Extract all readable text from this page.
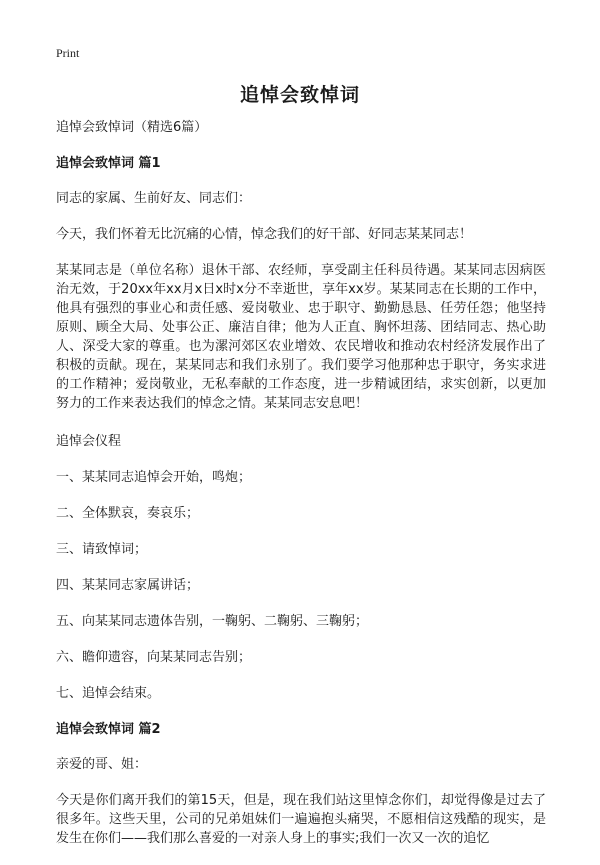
Print
追悼会致悼词

追悼会致悼词（精选6篇）

追悼会致悼词 篇1

同志的家属、生前好友、同志们：

今天，我们怀着无比沉痛的心情，悼念我们的好干部、好同志某某同志！

某某同志是（单位名称）退休干部、农经师，享受副主任科员待遇。某某同志因病医治无效，于20xx年xx月x日x时x分不幸逝世，享年xx岁。某某同志在长期的工作中，他具有强烈的事业心和责任感、爱岗敬业、忠于职守、勤勤恳恳、任劳任怨；他坚持原则、顾全大局、处事公正、廉洁自律；他为人正直、胸怀坦荡、团结同志、热心助人、深受大家的尊重。也为漯河郊区农业增效、农民增收和推动农村经济发展作出了积极的贡献。现在，某某同志和我们永别了。我们要学习他那种忠于职守，务实求进的工作精神；爱岗敬业，无私奉献的工作态度，进一步精诚团结，求实创新，以更加努力的工作来表达我们的悼念之情。某某同志安息吧！

追悼会仪程

一、某某同志追悼会开始，鸣炮；

二、全体默哀，奏哀乐；

三、请致悼词；

四、某某同志家属讲话；

五、向某某同志遗体告别，一鞠躬、二鞠躬、三鞠躬；

六、瞻仰遗容，向某某同志告别；

七、追悼会结束。

追悼会致悼词 篇2

亲爱的哥、姐：

今天是你们离开我们的第15天，但是，现在我们站这里悼念你们，却觉得像是过去了很多年。这些天里，公司的兄弟姐妹们一遍遍抱头痛哭，不愿相信这残酷的现实，是发生在你们——我们那么喜爱的一对亲人身上的事实;我们一次又一次的追忆
